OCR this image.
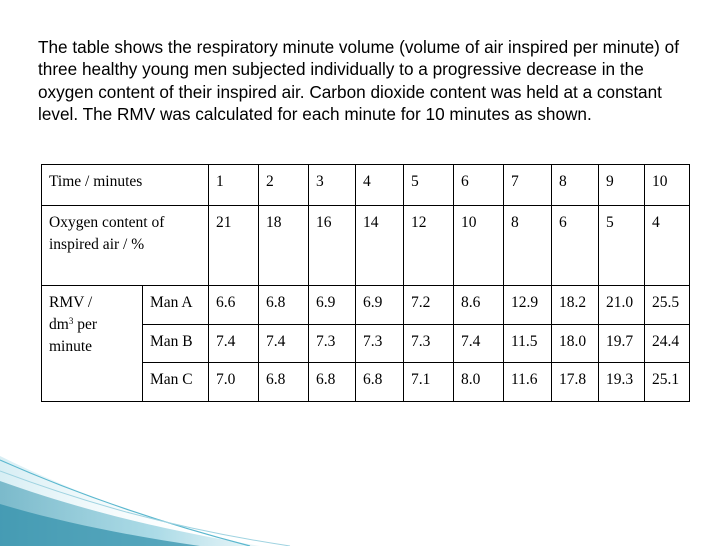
The table shows the respiratory minute volume (volume of air inspired per minute) of three healthy young men subjected individually to a progressive decrease in the oxygen content of their inspired air. Carbon dioxide content was held at a constant level. The RMV was calculated for each minute for 10 minutes as shown.

Time / minutes		1	2	3	4	5	6	7	8	9	10
Oxygen content of inspired air / %		21	18	16	14	12	10	8	6	5	4
RMV /
$dm^3$ per minute	Man A	6.6	6.8	6.9	6.9	7.2	8.6	12.9	18.2	21.0	25.5
	Man B	7.4	7.4	7.3	7.3	7.3	7.4	11.5	18.0	19.7	24.4
	Man C	7.0	6.8	6.8	6.8	7.1	8.0	11.6	17.8	19.3	25.1
